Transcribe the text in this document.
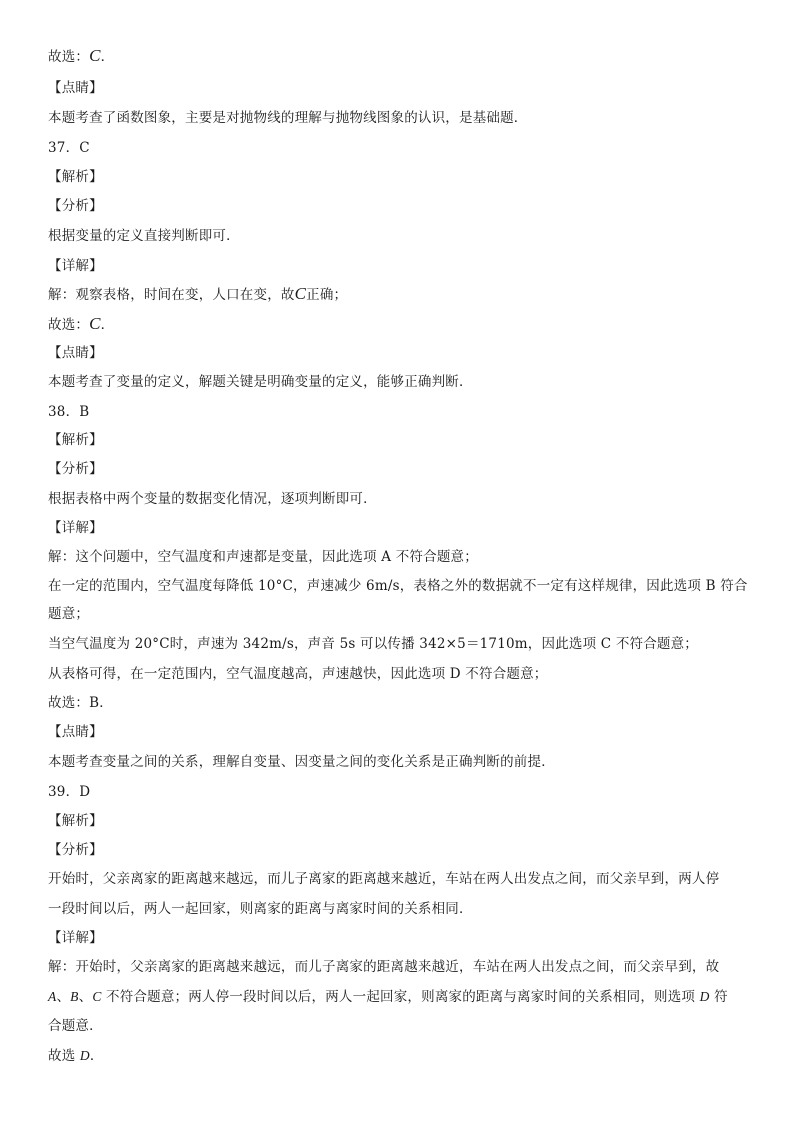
故选：C．
【点睛】
本题考查了函数图象，主要是对抛物线的理解与抛物线图象的认识，是基础题．
37．C
【解析】
【分析】
根据变量的定义直接判断即可．
【详解】
解：观察表格，时间在变，人口在变，故C正确；
故选：C．
【点睛】
本题考查了变量的定义，解题关键是明确变量的定义，能够正确判断．
38．B
【解析】
【分析】
根据表格中两个变量的数据变化情况，逐项判断即可．
【详解】
解：这个问题中，空气温度和声速都是变量，因此选项 A 不符合题意；
在一定的范围内，空气温度每降低 10°C，声速减少 6m/s，表格之外的数据就不一定有这样规律，因此选项 B 符合
题意；
当空气温度为 20°C时，声速为 342m/s，声音 5s 可以传播 342×5＝1710m，因此选项 C 不符合题意；
从表格可得，在一定范围内，空气温度越高，声速越快，因此选项 D 不符合题意；
故选：B．
【点睛】
本题考查变量之间的关系，理解自变量、因变量之间的变化关系是正确判断的前提．
39．D
【解析】
【分析】
开始时，父亲离家的距离越来越远，而儿子离家的距离越来越近，车站在两人出发点之间，而父亲早到，两人停
一段时间以后，两人一起回家，则离家的距离与离家时间的关系相同．
【详解】
解：开始时，父亲离家的距离越来越远，而儿子离家的距离越来越近，车站在两人出发点之间，而父亲早到，故
A、B、C 不符合题意；两人停一段时间以后，两人一起回家，则离家的距离与离家时间的关系相同，则选项 D 符
合题意．
故选 D．
